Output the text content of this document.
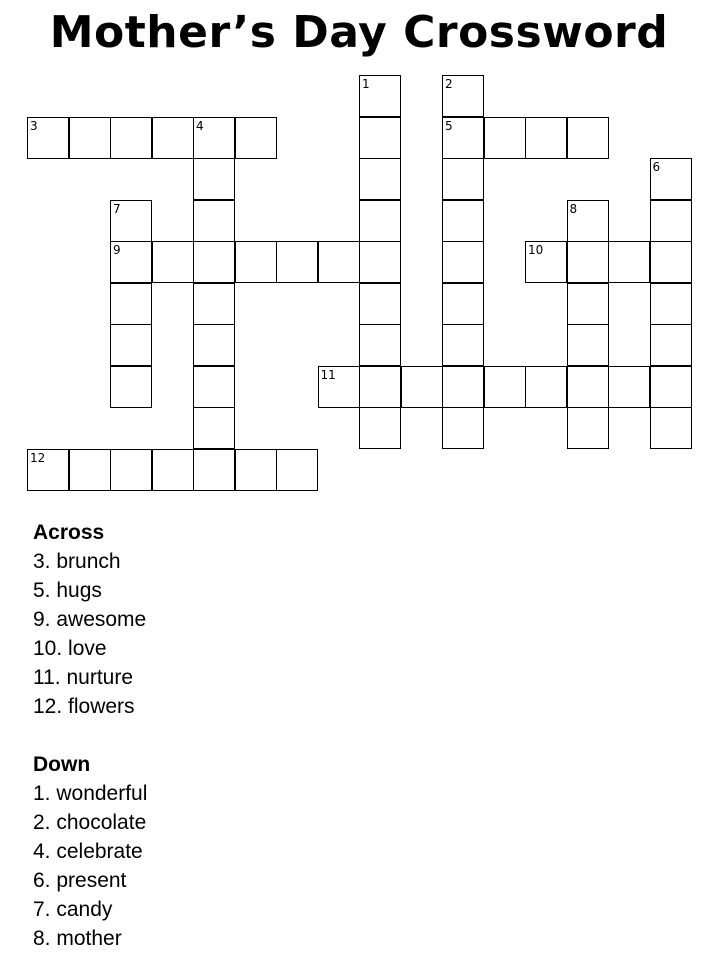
Mother’s Day Crossword
3	4	5
9	10
11
12
1	2
6
7	8
Across
3. brunch
5. hugs
9. awesome
10. love
11. nurture
12. flowers
Down
1. wonderful
2. chocolate
4. celebrate
6. present
7. candy
8. mother
